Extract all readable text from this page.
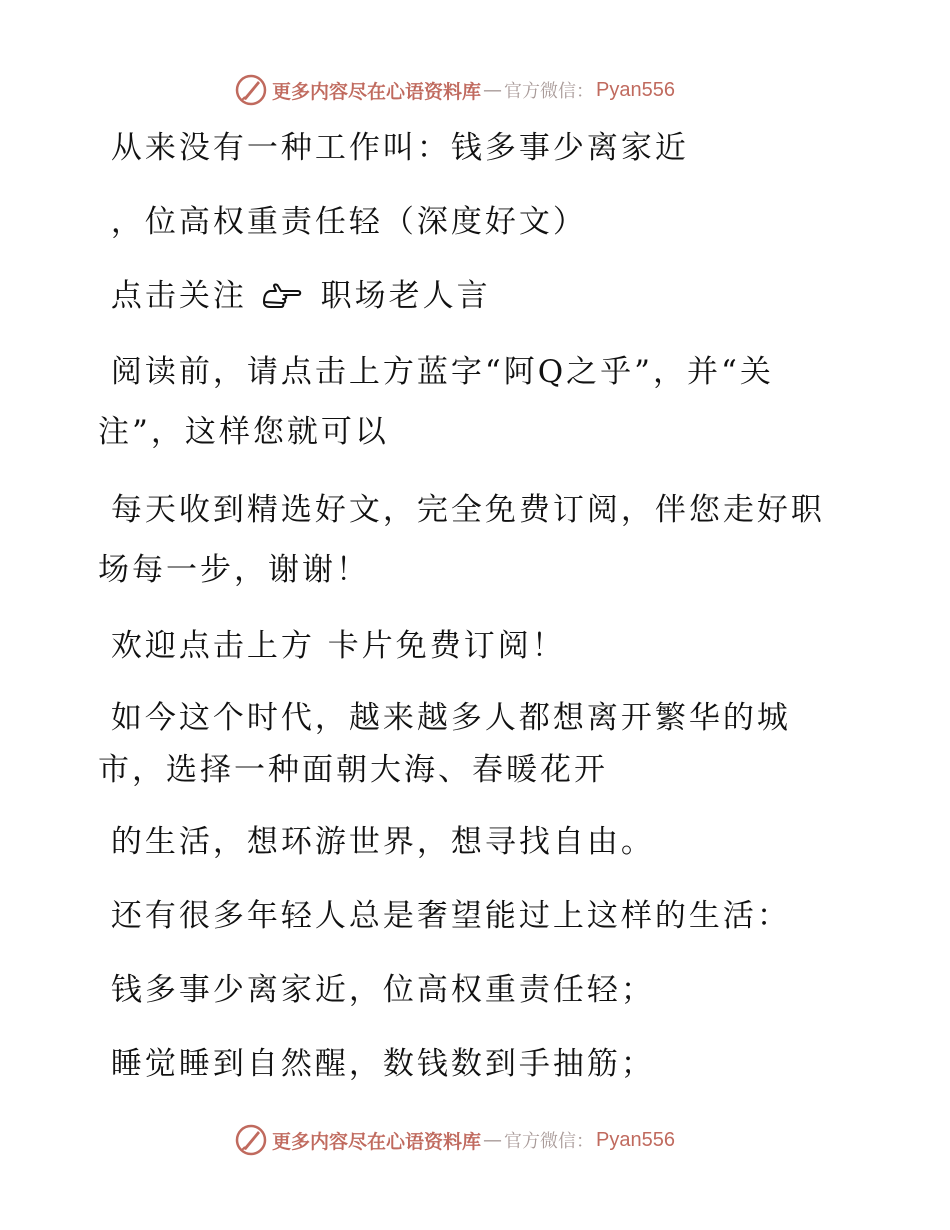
更多内容尽在心语资料库 — 官方微信： Pyan556

从来没有一种工作叫：钱多事少离家近

，位高权重责任轻（深度好文）

点击关注 职场老人言

阅读前，请点击上方蓝字“阿Q之乎”，并“关注”，这样您就可以

每天收到精选好文，完全免费订阅，伴您走好职场每一步，谢谢！

欢迎点击上方 卡片免费订阅！

如今这个时代，越来越多人都想离开繁华的城市，选择一种面朝大海、春暖花开

的生活，想环游世界，想寻找自由。

还有很多年轻人总是奢望能过上这样的生活：

钱多事少离家近，位高权重责任轻；

睡觉睡到自然醒，数钱数到手抽筋；

更多内容尽在心语资料库 — 官方微信： Pyan556
